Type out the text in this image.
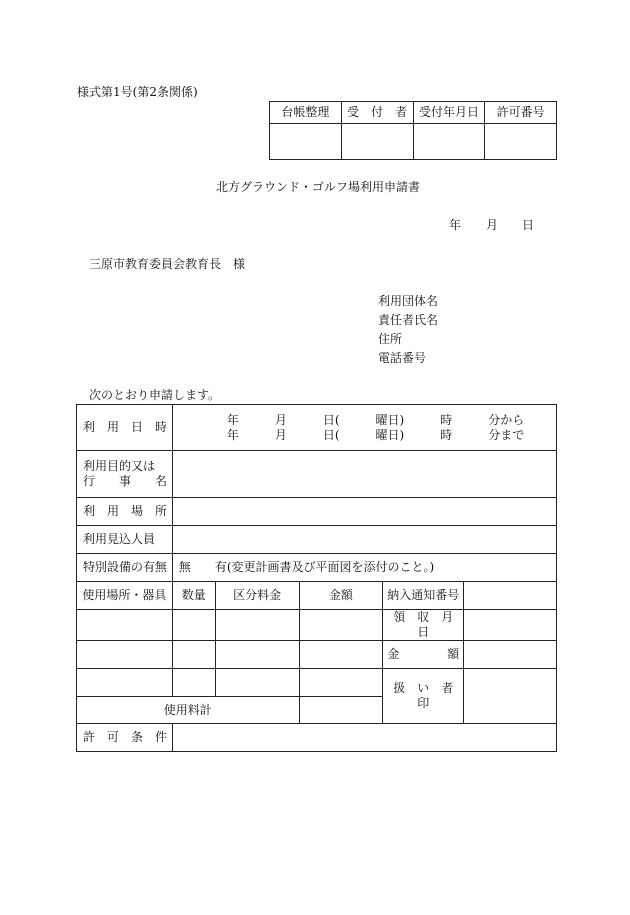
様式第1号(第2条関係)
台帳整理	受　付　者	受付年月日	許可番号

北方グラウンド・ゴルフ場利用申請書
年 月 日
三原市教育委員会教育長　様
利用団体名
責任者氏名
住所
電話番号
次のとおり申請します。
利　用　日　時	年　　　月　　　日(　　　曜日)　　　時　　　分から
年　　　月　　　日(　　　曜日)　　　時　　　分まで				

利用目的又は
行　　事　　名					

利　用　場　所					
利用見込人員					
特別設備の有無	無　　有(変更計画書及び平面図を添付のこと。)				
使用場所・器具	数量	区分料金	金額	納入通知番号	
				領　収　月　日	
				金　　　　額	
				扱　い　者　印	
使用料計					
許　可　条　件					
